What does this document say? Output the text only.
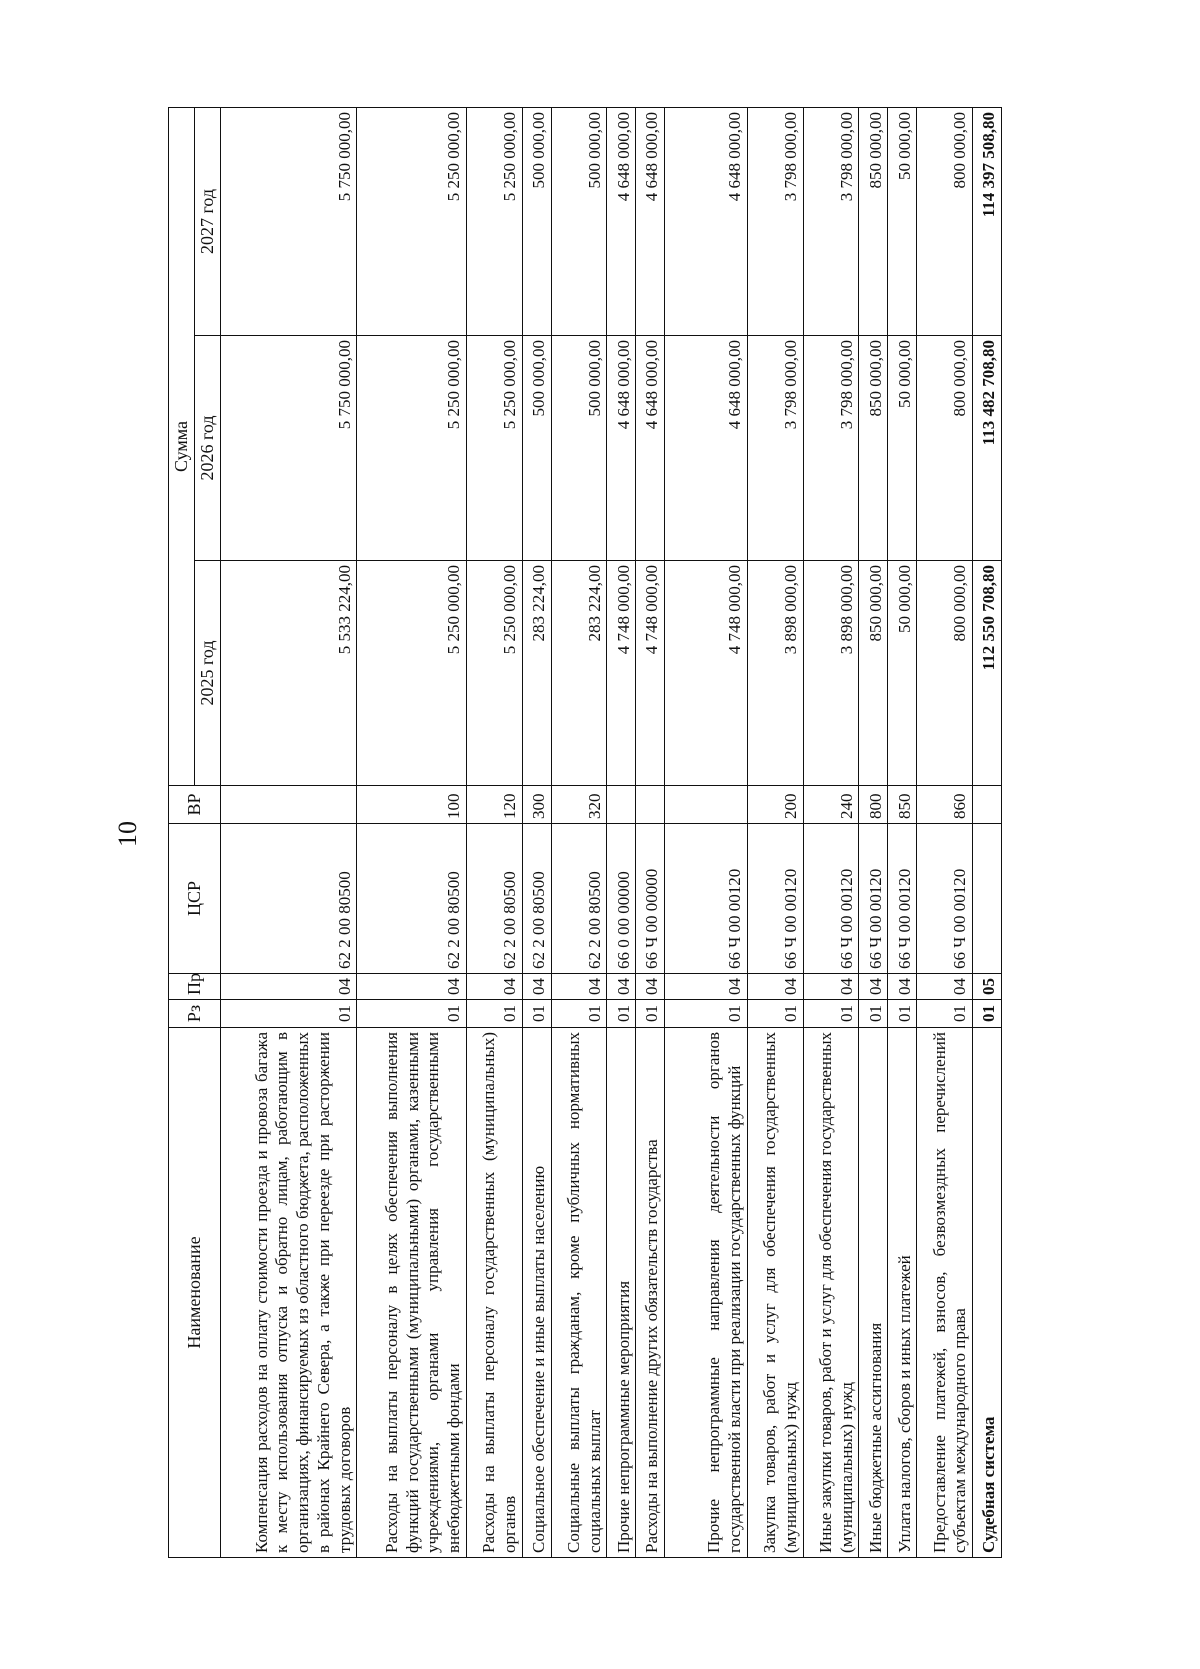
10
Наименование	Рз	Пр	ЦСР	ВР	Сумма		
					2025 год	2026 год	2027 год
Компенсация расходов на оплату стоимости проезда и провоза багажа к месту использования отпуска и обратно лицам, работающим в организациях, финансируемых из областного бюджета, расположенных в районах Крайнего Севера, а также при переезде при расторжении трудовых договоров	01	04	62 2 00 80500		5 533 224,00	5 750 000,00	5 750 000,00
Расходы на выплаты персоналу в целях обеспечения выполнения функций государственными (муниципальными) органами, казенными учреждениями, органами управления государственными внебюджетными фондами	01	04	62 2 00 80500	100	5 250 000,00	5 250 000,00	5 250 000,00
Расходы на выплаты персоналу государственных (муниципальных) органов	01	04	62 2 00 80500	120	5 250 000,00	5 250 000,00	5 250 000,00
Социальное обеспечение и иные выплаты населению	01	04	62 2 00 80500	300	283 224,00	500 000,00	500 000,00
Социальные выплаты гражданам, кроме публичных нормативных социальных выплат	01	04	62 2 00 80500	320	283 224,00	500 000,00	500 000,00
Прочие непрограммные мероприятия	01	04	66 0 00 00000		4 748 000,00	4 648 000,00	4 648 000,00
Расходы на выполнение других обязательств государства	01	04	66 Ч 00 00000		4 748 000,00	4 648 000,00	4 648 000,00
Прочие непрограммные направления деятельности органов государственной власти при реализации государственных функций	01	04	66 Ч 00 00120		4 748 000,00	4 648 000,00	4 648 000,00
Закупка товаров, работ и услуг для обеспечения государственных (муниципальных) нужд	01	04	66 Ч 00 00120	200	3 898 000,00	3 798 000,00	3 798 000,00
Иные закупки товаров, работ и услуг для обеспечения государственных (муниципальных) нужд	01	04	66 Ч 00 00120	240	3 898 000,00	3 798 000,00	3 798 000,00
Иные бюджетные ассигнования	01	04	66 Ч 00 00120	800	850 000,00	850 000,00	850 000,00
Уплата налогов, сборов и иных платежей	01	04	66 Ч 00 00120	850	50 000,00	50 000,00	50 000,00
Предоставление платежей, взносов, безвозмездных перечислений субъектам международного права	01	04	66 Ч 00 00120	860	800 000,00	800 000,00	800 000,00
Судебная система	01	05			112 550 708,80	113 482 708,80	114 397 508,80
